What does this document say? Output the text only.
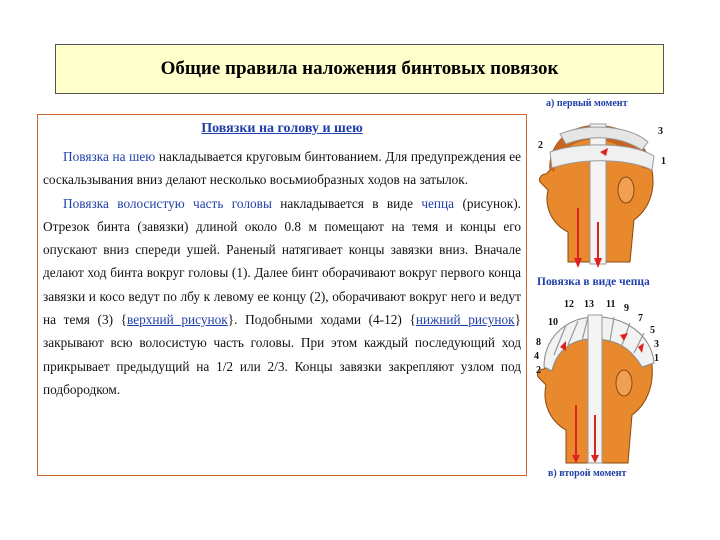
Общие правила наложения бинтовых повязок
а) первый момент
Повязки на голову и шею
Повязка на шею накладывается круговым бинтованием. Для предупреждения ее соскальзывания вниз делают несколько восьмиобразных ходов на затылок.
Повязка волосистую часть головы накладывается в виде чепца (рисунок). Отрезок бинта (завязки) длиной около 0.8 м помещают на темя и концы его опускают вниз спереди ушей. Раненый натягивает концы завязки вниз. Вначале делают ход бинта вокруг головы (1). Далее бинт оборачивают вокруг первого конца завязки и косо ведут по лбу к левому ее концу (2), оборачивают вокруг него и ведут на темя (3) {верхний рисунок}. Подобными ходами (4-12) {нижний рисунок} закрывают всю волосистую часть головы. При этом каждый последующий ход прикрывает предыдущий на 1/2 или 2/3. Концы завязки закрепляют узлом под подбородком.
2
1
3
Повязка в виде чепца
12 13 11 9
7
10
5
8	3
4	1
2
в) второй момент
